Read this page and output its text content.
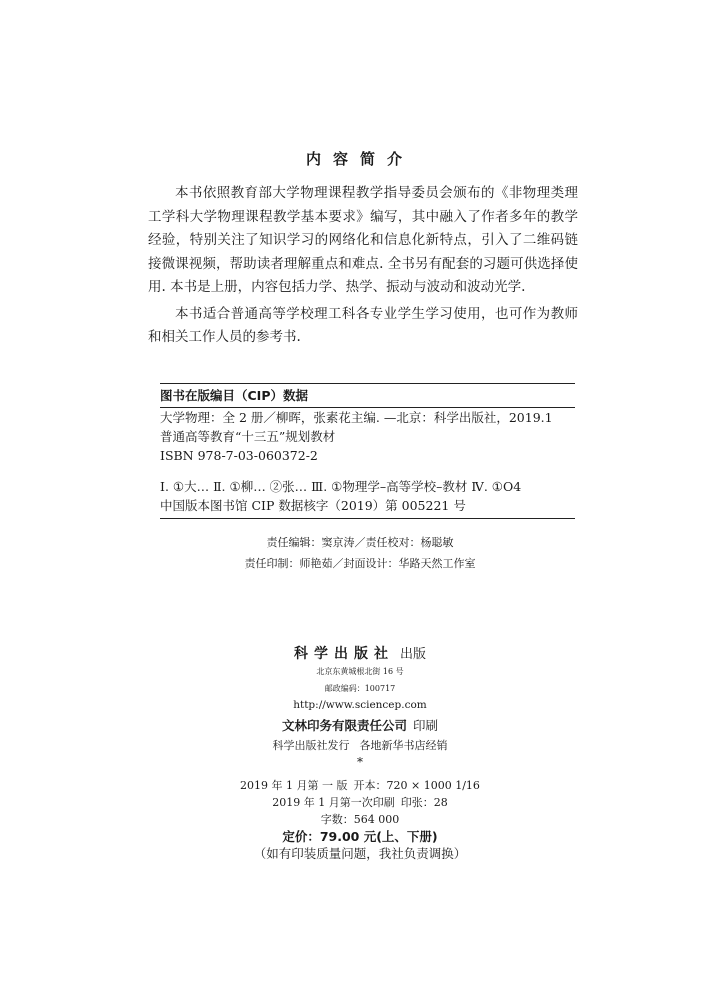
内容简介

本书依照教育部大学物理课程教学指导委员会颁布的《非物理类理工学科大学物理课程教学基本要求》编写，其中融入了作者多年的教学经验，特别关注了知识学习的网络化和信息化新特点，引入了二维码链接微课视频，帮助读者理解重点和难点. 全书另有配套的习题可供选择使用. 本书是上册，内容包括力学、热学、振动与波动和波动光学.

本书适合普通高等学校理工科各专业学生学习使用，也可作为教师和相关工作人员的参考书.

图书在版编目（CIP）数据
大学物理：全 2 册／柳晖，张素花主编. —北京：科学出版社，2019.1
普通高等教育“十三五”规划教材
ISBN 978-7-03-060372-2
Ⅰ. ①大… Ⅱ. ①柳… ②张… Ⅲ. ①物理学–高等学校–教材 Ⅳ. ①O4
中国版本图书馆 CIP 数据核字（2019）第 005221 号
责任编辑：窦京涛／责任校对：杨聪敏
责任印制：师艳茹／封面设计：华路天然工作室
科学出版社 出版
北京东黄城根北街 16 号
邮政编码：100717
http://www.sciencep.com
文林印务有限责任公司 印刷
科学出版社发行 各地新华书店经销
*
2019 年 1 月第 一 版 开本：720 × 1000 1/16
2019 年 1 月第一次印刷 印张：28
字数：564 000
定价：79.00 元(上、下册)
（如有印装质量问题，我社负责调换）
